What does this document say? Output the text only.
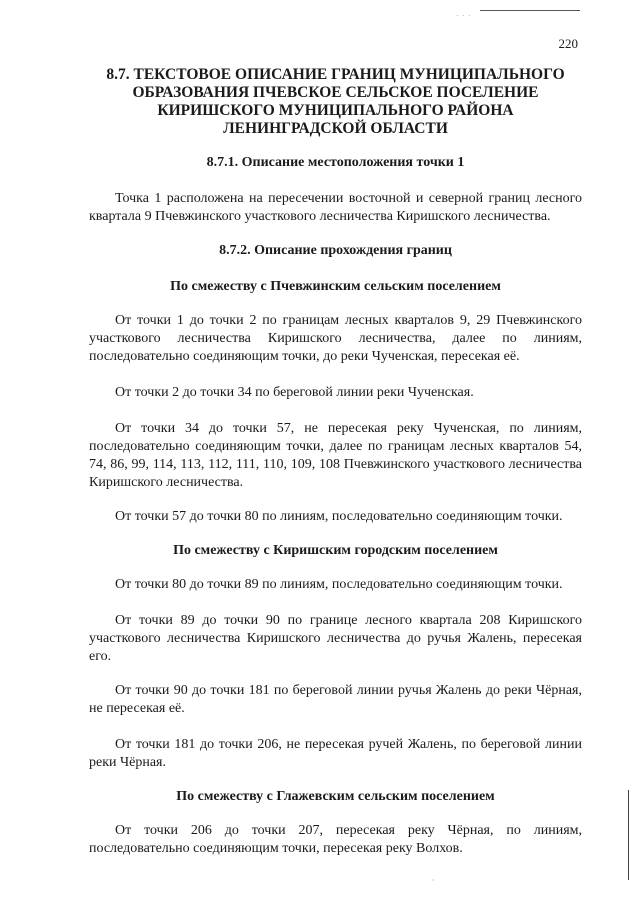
· · ·
·
220
8.7. ТЕКСТОВОЕ ОПИСАНИЕ ГРАНИЦ МУНИЦИПАЛЬНОГО ОБРАЗОВАНИЯ ПЧЕВСКОЕ СЕЛЬСКОЕ ПОСЕЛЕНИЕ КИРИШСКОГО МУНИЦИПАЛЬНОГО РАЙОНА ЛЕНИНГРАДСКОЙ ОБЛАСТИ
8.7.1. Описание местоположения точки 1

Точка 1 расположена на пересечении восточной и северной границ лесного квартала 9 Пчевжинского участкового лесничества Киришского лесничества.

8.7.2. Описание прохождения границ
По смежеству с Пчевжинским сельским поселением

От точки 1 до точки 2 по границам лесных кварталов 9, 29 Пчевжинского участкового лесничества Киришского лесничества, далее по линиям, последовательно соединяющим точки, до реки Чученская, пересекая её.

От точки 2 до точки 34 по береговой линии реки Чученская.

От точки 34 до точки 57, не пересекая реку Чученская, по линиям, последовательно соединяющим точки, далее по границам лесных кварталов 54, 74, 86, 99, 114, 113, 112, 111, 110, 109, 108 Пчевжинского участкового лесничества Киришского лесничества.

От точки 57 до точки 80 по линиям, последовательно соединяющим точки.

По смежеству с Киришским городским поселением

От точки 80 до точки 89 по линиям, последовательно соединяющим точки.

От точки 89 до точки 90 по границе лесного квартала 208 Киришского участкового лесничества Киришского лесничества до ручья Жалень, пересекая его.

От точки 90 до точки 181 по береговой линии ручья Жалень до реки Чёрная, не пересекая её.

От точки 181 до точки 206, не пересекая ручей Жалень, по береговой линии реки Чёрная.

По смежеству с Глажевским сельским поселением

От точки 206 до точки 207, пересекая реку Чёрная, по линиям, последовательно соединяющим точки, пересекая реку Волхов.
